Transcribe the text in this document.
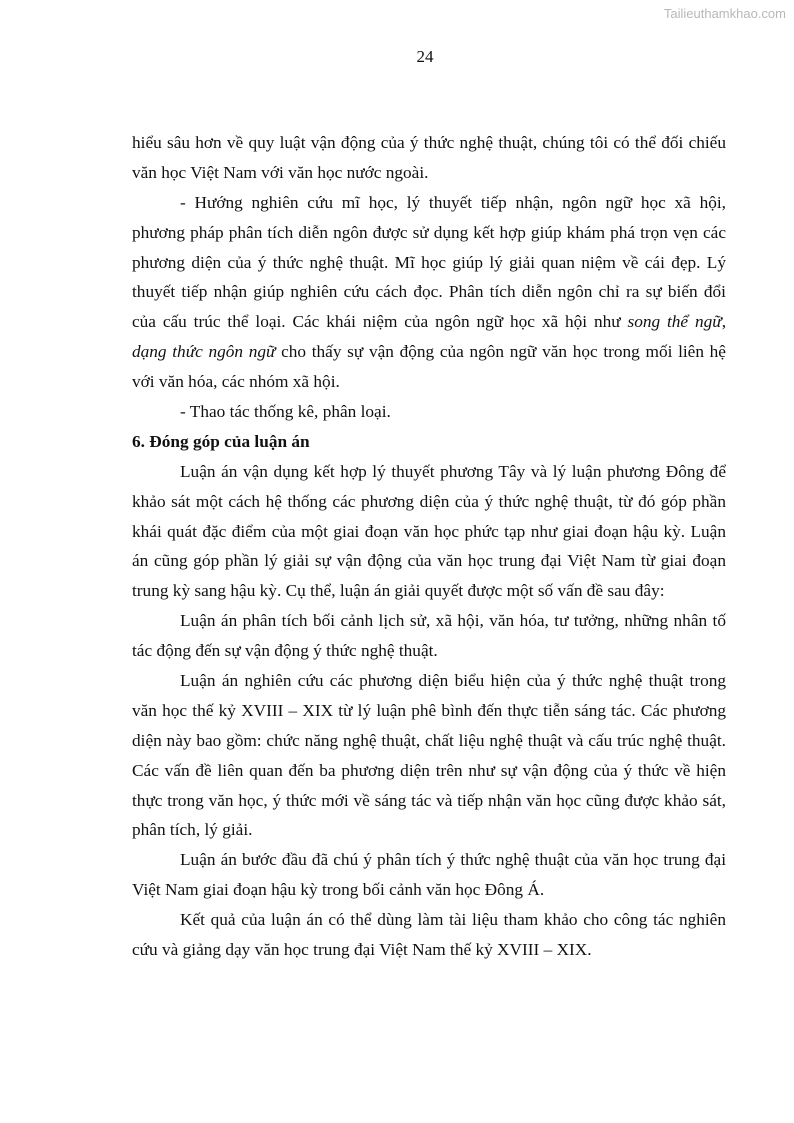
Tailieuthamkhao.com
24
hiểu sâu hơn về quy luật vận động của ý thức nghệ thuật, chúng tôi có thể đối chiếu
văn học Việt Nam với văn học nước ngoài.
- Hướng nghiên cứu mĩ học, lý thuyết tiếp nhận, ngôn ngữ học xã hội,
phương pháp phân tích diễn ngôn được sử dụng kết hợp giúp khám phá trọn vẹn các
phương diện của ý thức nghệ thuật. Mĩ học giúp lý giải quan niệm về cái đẹp. Lý
thuyết tiếp nhận giúp nghiên cứu cách đọc. Phân tích diễn ngôn chỉ ra sự biến đổi
của cấu trúc thể loại. Các khái niệm của ngôn ngữ học xã hội như song thể ngữ,
dạng thức ngôn ngữ cho thấy sự vận động của ngôn ngữ văn học trong mối liên hệ
với văn hóa, các nhóm xã hội.
- Thao tác thống kê, phân loại.
6. Đóng góp của luận án
Luận án vận dụng kết hợp lý thuyết phương Tây và lý luận phương Đông để
khảo sát một cách hệ thống các phương diện của ý thức nghệ thuật, từ đó góp phần
khái quát đặc điểm của một giai đoạn văn học phức tạp như giai đoạn hậu kỳ. Luận
án cũng góp phần lý giải sự vận động của văn học trung đại Việt Nam từ giai đoạn
trung kỳ sang hậu kỳ. Cụ thể, luận án giải quyết được một số vấn đề sau đây:
Luận án phân tích bối cảnh lịch sử, xã hội, văn hóa, tư tưởng, những nhân tố
tác động đến sự vận động ý thức nghệ thuật.
Luận án nghiên cứu các phương diện biểu hiện của ý thức nghệ thuật trong
văn học thế kỷ XVIII – XIX từ lý luận phê bình đến thực tiễn sáng tác. Các phương
diện này bao gồm: chức năng nghệ thuật, chất liệu nghệ thuật và cấu trúc nghệ thuật.
Các vấn đề liên quan đến ba phương diện trên như sự vận động của ý thức về hiện
thực trong văn học, ý thức mới về sáng tác và tiếp nhận văn học cũng được khảo sát,
phân tích, lý giải.
Luận án bước đầu đã chú ý phân tích ý thức nghệ thuật của văn học trung đại
Việt Nam giai đoạn hậu kỳ trong bối cảnh văn học Đông Á.
Kết quả của luận án có thể dùng làm tài liệu tham khảo cho công tác nghiên
cứu và giảng dạy văn học trung đại Việt Nam thế kỷ XVIII – XIX.
